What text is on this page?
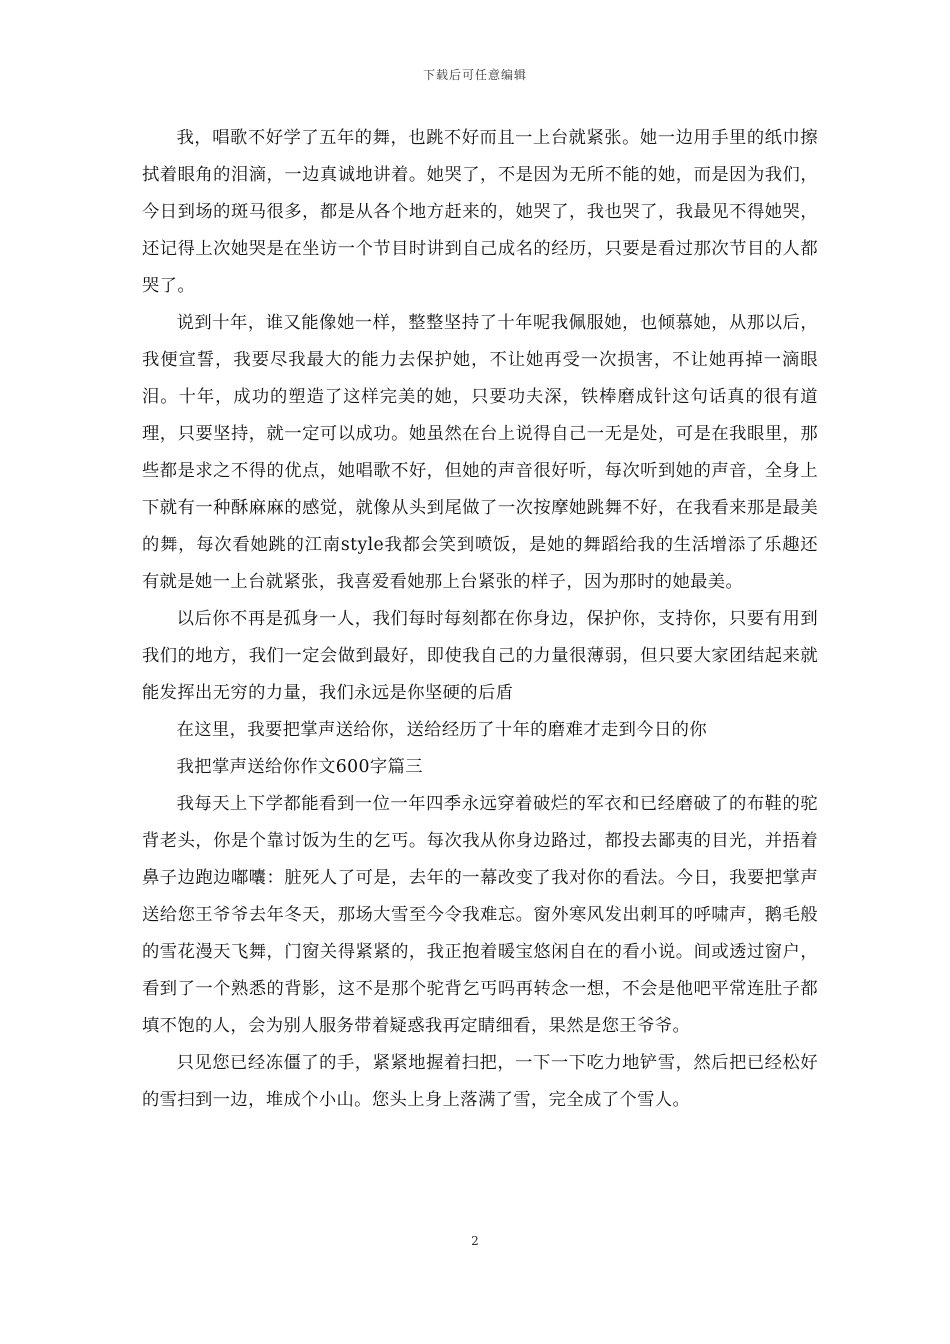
下载后可任意编辑

我，唱歌不好学了五年的舞，也跳不好而且一上台就紧张。她一边用手里的纸巾擦拭着眼角的泪滴，一边真诚地讲着。她哭了，不是因为无所不能的她，而是因为我们，今日到场的斑马很多，都是从各个地方赶来的，她哭了，我也哭了，我最见不得她哭，还记得上次她哭是在坐访一个节目时讲到自己成名的经历，只要是看过那次节目的人都哭了。

说到十年，谁又能像她一样，整整坚持了十年呢我佩服她，也倾慕她，从那以后，我便宣誓，我要尽我最大的能力去保护她，不让她再受一次损害，不让她再掉一滴眼泪。十年，成功的塑造了这样完美的她，只要功夫深，铁棒磨成针这句话真的很有道理，只要坚持，就一定可以成功。她虽然在台上说得自己一无是处，可是在我眼里，那些都是求之不得的优点，她唱歌不好，但她的声音很好听，每次听到她的声音，全身上下就有一种酥麻麻的感觉，就像从头到尾做了一次按摩她跳舞不好，在我看来那是最美的舞，每次看她跳的江南style我都会笑到喷饭，是她的舞蹈给我的生活增添了乐趣还有就是她一上台就紧张，我喜爱看她那上台紧张的样子，因为那时的她最美。

以后你不再是孤身一人，我们每时每刻都在你身边，保护你，支持你，只要有用到我们的地方，我们一定会做到最好，即使我自己的力量很薄弱，但只要大家团结起来就能发挥出无穷的力量，我们永远是你坚硬的后盾

在这里，我要把掌声送给你，送给经历了十年的磨难才走到今日的你

我把掌声送给你作文600字篇三

我每天上下学都能看到一位一年四季永远穿着破烂的军衣和已经磨破了的布鞋的驼背老头，你是个靠讨饭为生的乞丐。每次我从你身边路过，都投去鄙夷的目光，并捂着鼻子边跑边嘟囔：脏死人了可是，去年的一幕改变了我对你的看法。今日，我要把掌声送给您王爷爷去年冬天，那场大雪至今令我难忘。窗外寒风发出刺耳的呼啸声，鹅毛般的雪花漫天飞舞，门窗关得紧紧的，我正抱着暖宝悠闲自在的看小说。间或透过窗户，看到了一个熟悉的背影，这不是那个驼背乞丐吗再转念一想，不会是他吧平常连肚子都填不饱的人，会为别人服务带着疑惑我再定睛细看，果然是您王爷爷。

只见您已经冻僵了的手，紧紧地握着扫把，一下一下吃力地铲雪，然后把已经松好的雪扫到一边，堆成个小山。您头上身上落满了雪，完全成了个雪人。

2
